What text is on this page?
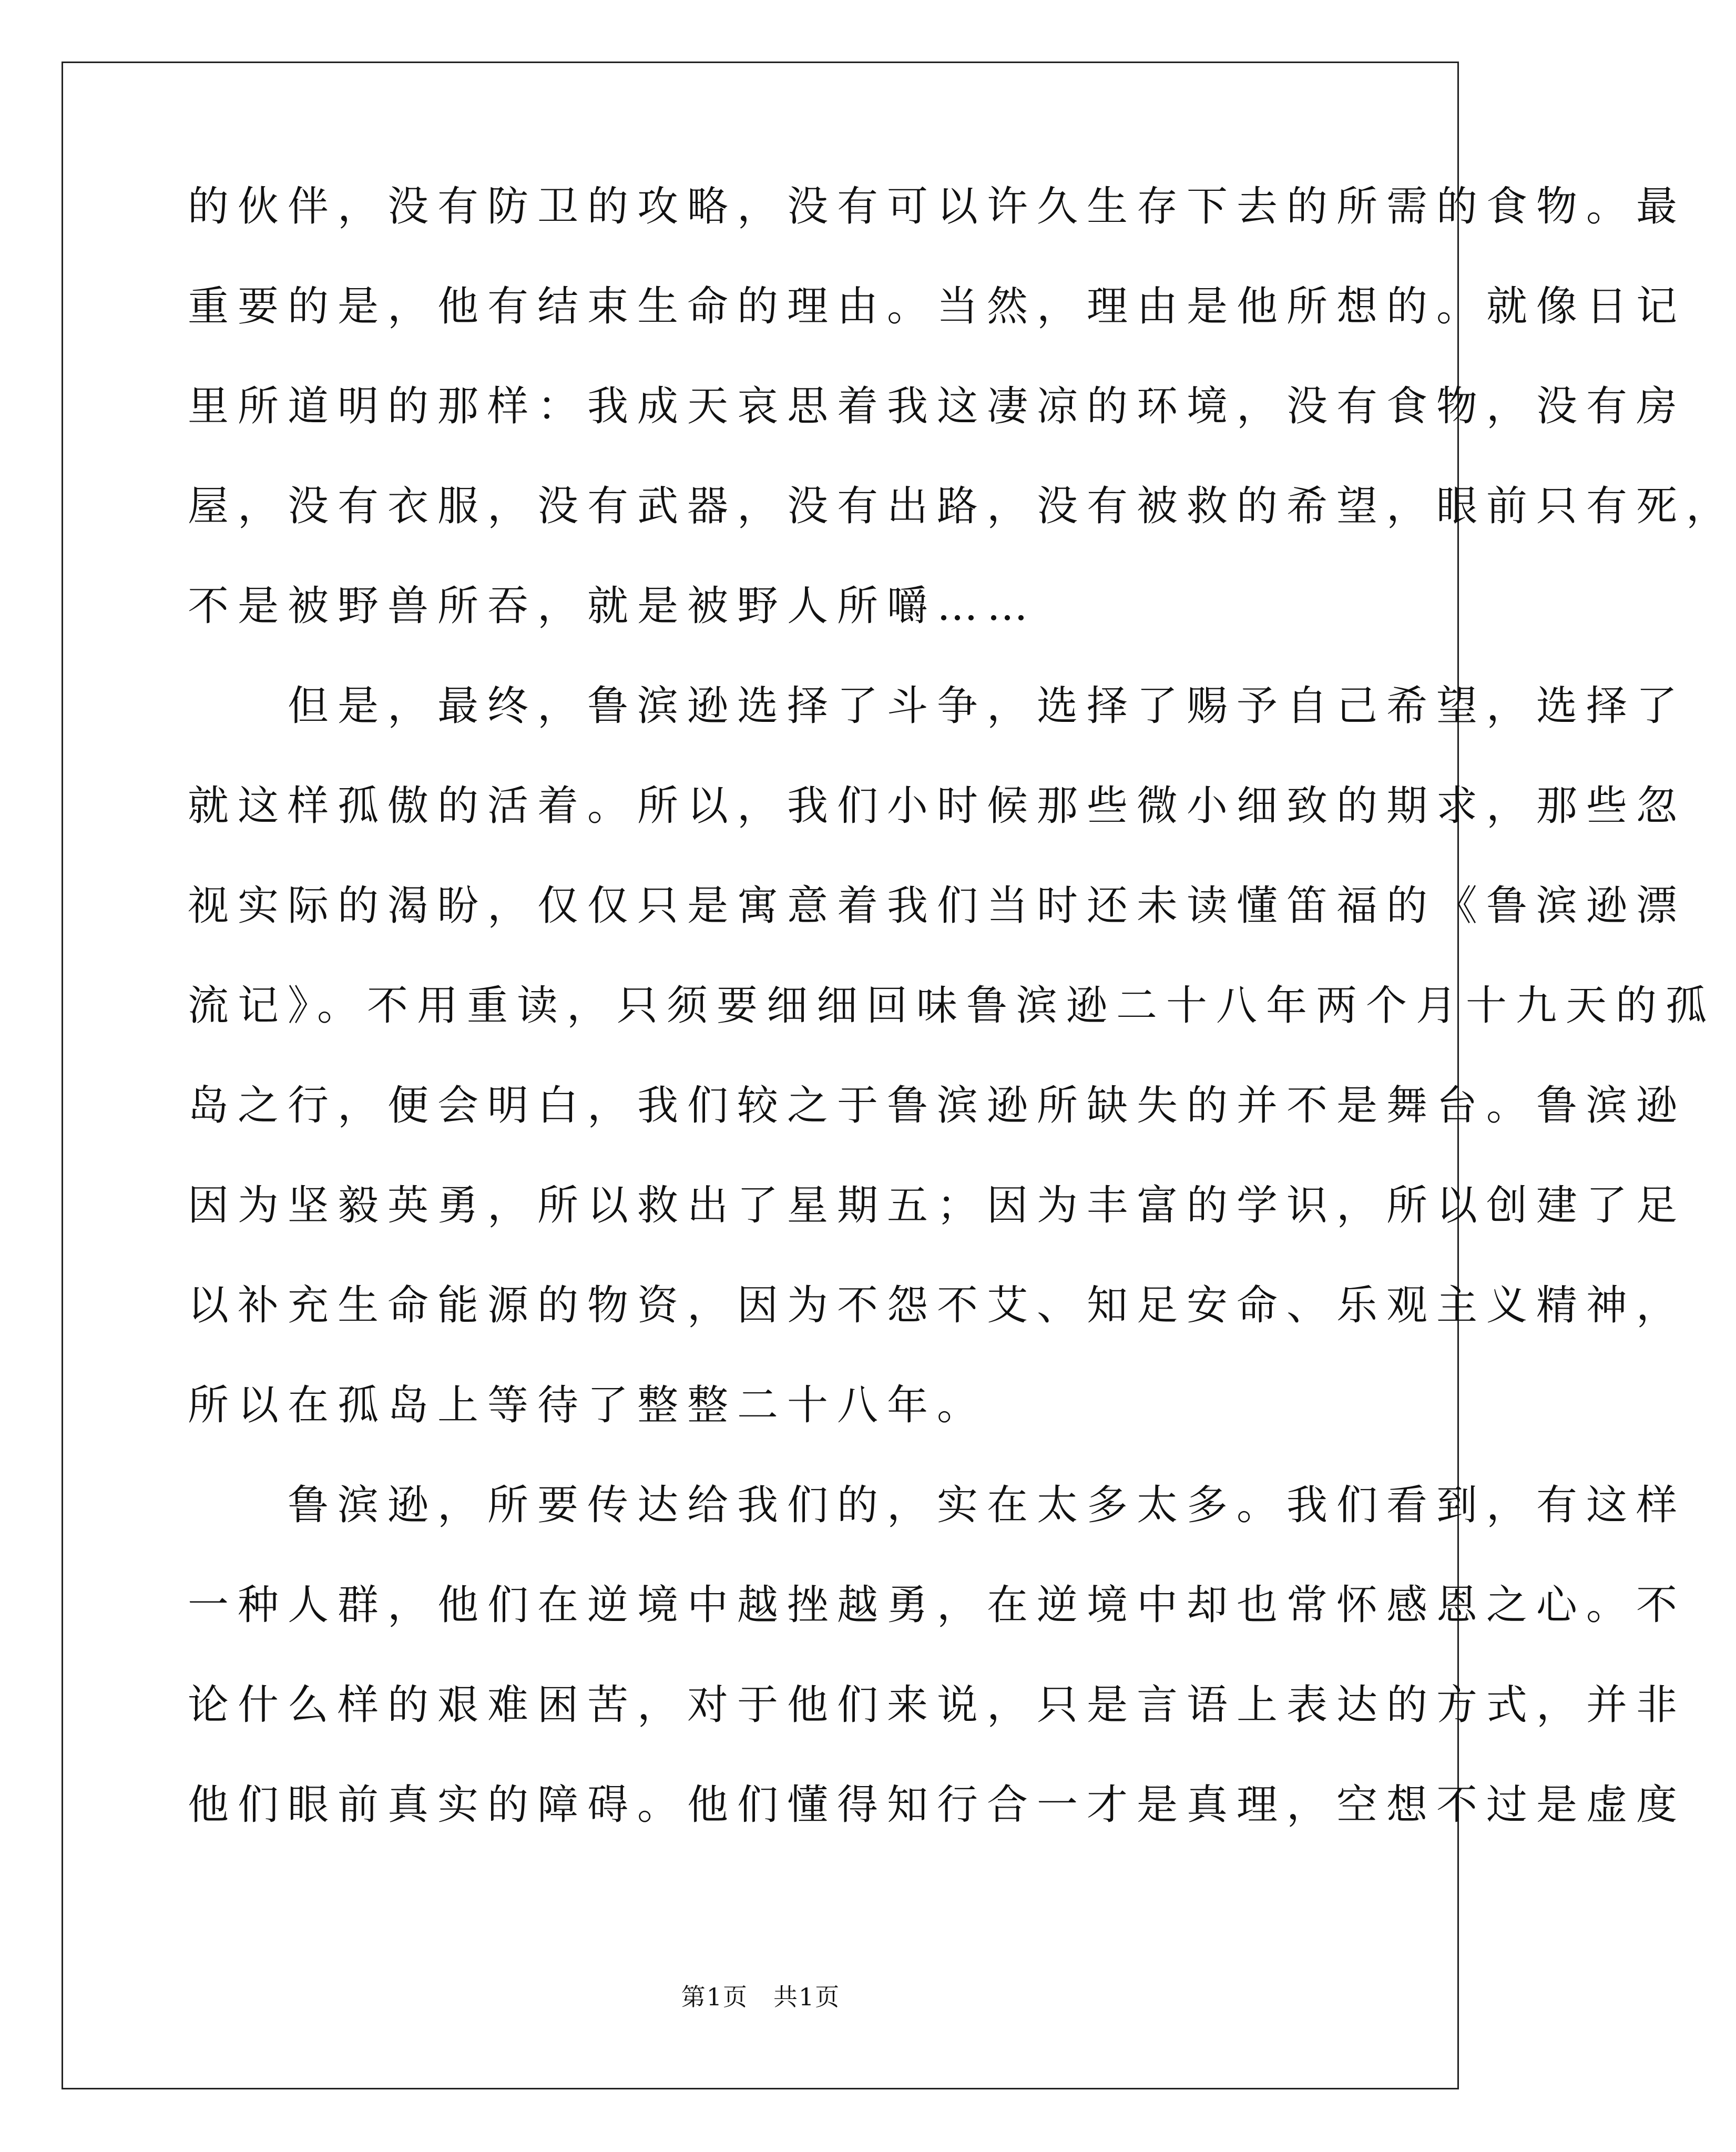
的伙伴，没有防卫的攻略，没有可以许久生存下去的所需的食物。最
重要的是，他有结束生命的理由。当然，理由是他所想的。就像日记
里所道明的那样：我成天哀思着我这凄凉的环境，没有食物，没有房
屋，没有衣服，没有武器，没有出路，没有被救的希望，眼前只有死，
不是被野兽所吞，就是被野人所嚼……
　　但是，最终，鲁滨逊选择了斗争，选择了赐予自己希望，选择了
就这样孤傲的活着。所以，我们小时候那些微小细致的期求，那些忽
视实际的渴盼，仅仅只是寓意着我们当时还未读懂笛福的《鲁滨逊漂
流记》。不用重读，只须要细细回味鲁滨逊二十八年两个月十九天的孤
岛之行，便会明白，我们较之于鲁滨逊所缺失的并不是舞台。鲁滨逊
因为坚毅英勇，所以救出了星期五；因为丰富的学识，所以创建了足
以补充生命能源的物资，因为不怨不艾、知足安命、乐观主义精神，
所以在孤岛上等待了整整二十八年。
　　鲁滨逊，所要传达给我们的，实在太多太多。我们看到，有这样
一种人群，他们在逆境中越挫越勇，在逆境中却也常怀感恩之心。不
论什么样的艰难困苦，对于他们来说，只是言语上表达的方式，并非
他们眼前真实的障碍。他们懂得知行合一才是真理，空想不过是虚度
第1页　共1页
